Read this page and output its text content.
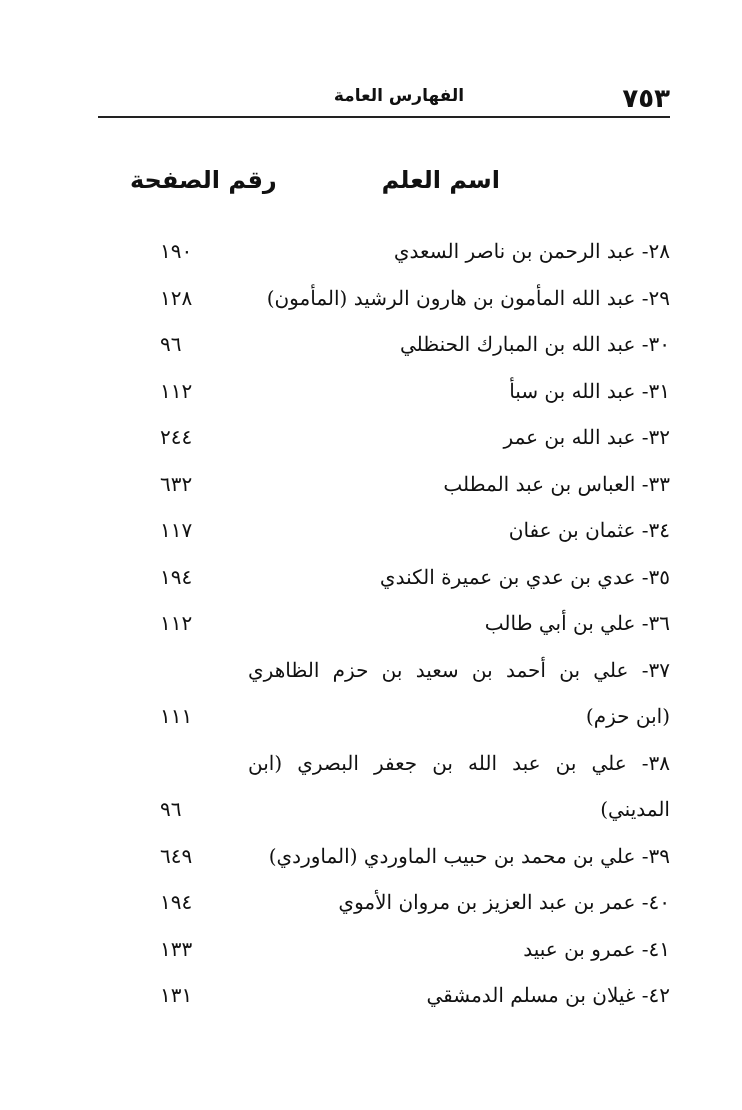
٧٥٣
الفهارس العامة
اسم العلم
رقم الصفحة
٢٨- عبد الرحمن بن ناصر السعدي
١٩٠
٢٩- عبد الله المأمون بن هارون الرشيد (المأمون)
١٢٨
٣٠- عبد الله بن المبارك الحنظلي
٩٦
٣١- عبد الله بن سبأ
١١٢
٣٢- عبد الله بن عمر
٢٤٤
٣٣- العباس بن عبد المطلب
٦٣٢
٣٤- عثمان بن عفان
١١٧
٣٥- عدي بن عدي بن عميرة الكندي
١٩٤
٣٦- علي بن أبي طالب
١١٢
٣٧- علي بن أحمد بن سعيد بن حزم الظاهري
(ابن حزم)
١١١
٣٨- علي بن عبد الله بن جعفر البصري (ابن
المديني)
٩٦
٣٩- علي بن محمد بن حبيب الماوردي (الماوردي)
٦٤٩
٤٠- عمر بن عبد العزيز بن مروان الأموي
١٩٤
٤١- عمرو بن عبيد
١٣٣
٤٢- غيلان بن مسلم الدمشقي
١٣١
